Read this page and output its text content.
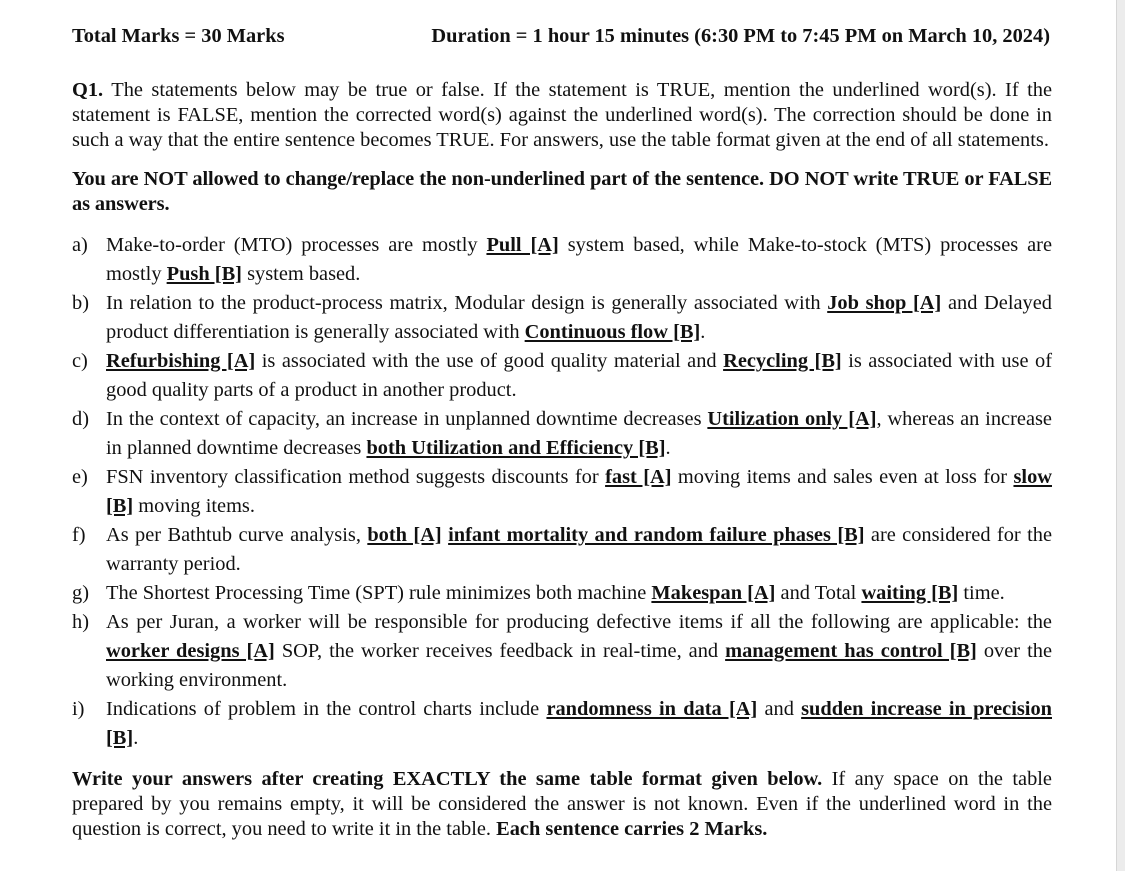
Total Marks = 30 Marks	Duration = 1 hour 15 minutes (6:30 PM to 7:45 PM on March 10, 2024)

Q1. The statements below may be true or false. If the statement is TRUE, mention the underlined word(s). If the statement is FALSE, mention the corrected word(s) against the underlined word(s). The correction should be done in such a way that the entire sentence becomes TRUE. For answers, use the table format given at the end of all statements.

You are NOT allowed to change/replace the non-underlined part of the sentence. DO NOT write TRUE or FALSE as answers.

a) Make-to-order (MTO) processes are mostly Pull [A] system based, while Make-to-stock (MTS) processes are mostly Push [B] system based.
b) In relation to the product-process matrix, Modular design is generally associated with Job shop [A] and Delayed product differentiation is generally associated with Continuous flow [B].
c) Refurbishing [A] is associated with the use of good quality material and Recycling [B] is associated with use of good quality parts of a product in another product.
d) In the context of capacity, an increase in unplanned downtime decreases Utilization only [A], whereas an increase in planned downtime decreases both Utilization and Efficiency [B].
e) FSN inventory classification method suggests discounts for fast [A] moving items and sales even at loss for slow [B] moving items.
f) As per Bathtub curve analysis, both [A] infant mortality and random failure phases [B] are considered for the warranty period.
g) The Shortest Processing Time (SPT) rule minimizes both machine Makespan [A] and Total waiting [B] time.
h) As per Juran, a worker will be responsible for producing defective items if all the following are applicable: the worker designs [A] SOP, the worker receives feedback in real-time, and management has control [B] over the working environment.
i) Indications of problem in the control charts include randomness in data [A] and sudden increase in precision [B].

Write your answers after creating EXACTLY the same table format given below. If any space on the table prepared by you remains empty, it will be considered the answer is not known. Even if the underlined word in the question is correct, you need to write it in the table. Each sentence carries 2 Marks.
